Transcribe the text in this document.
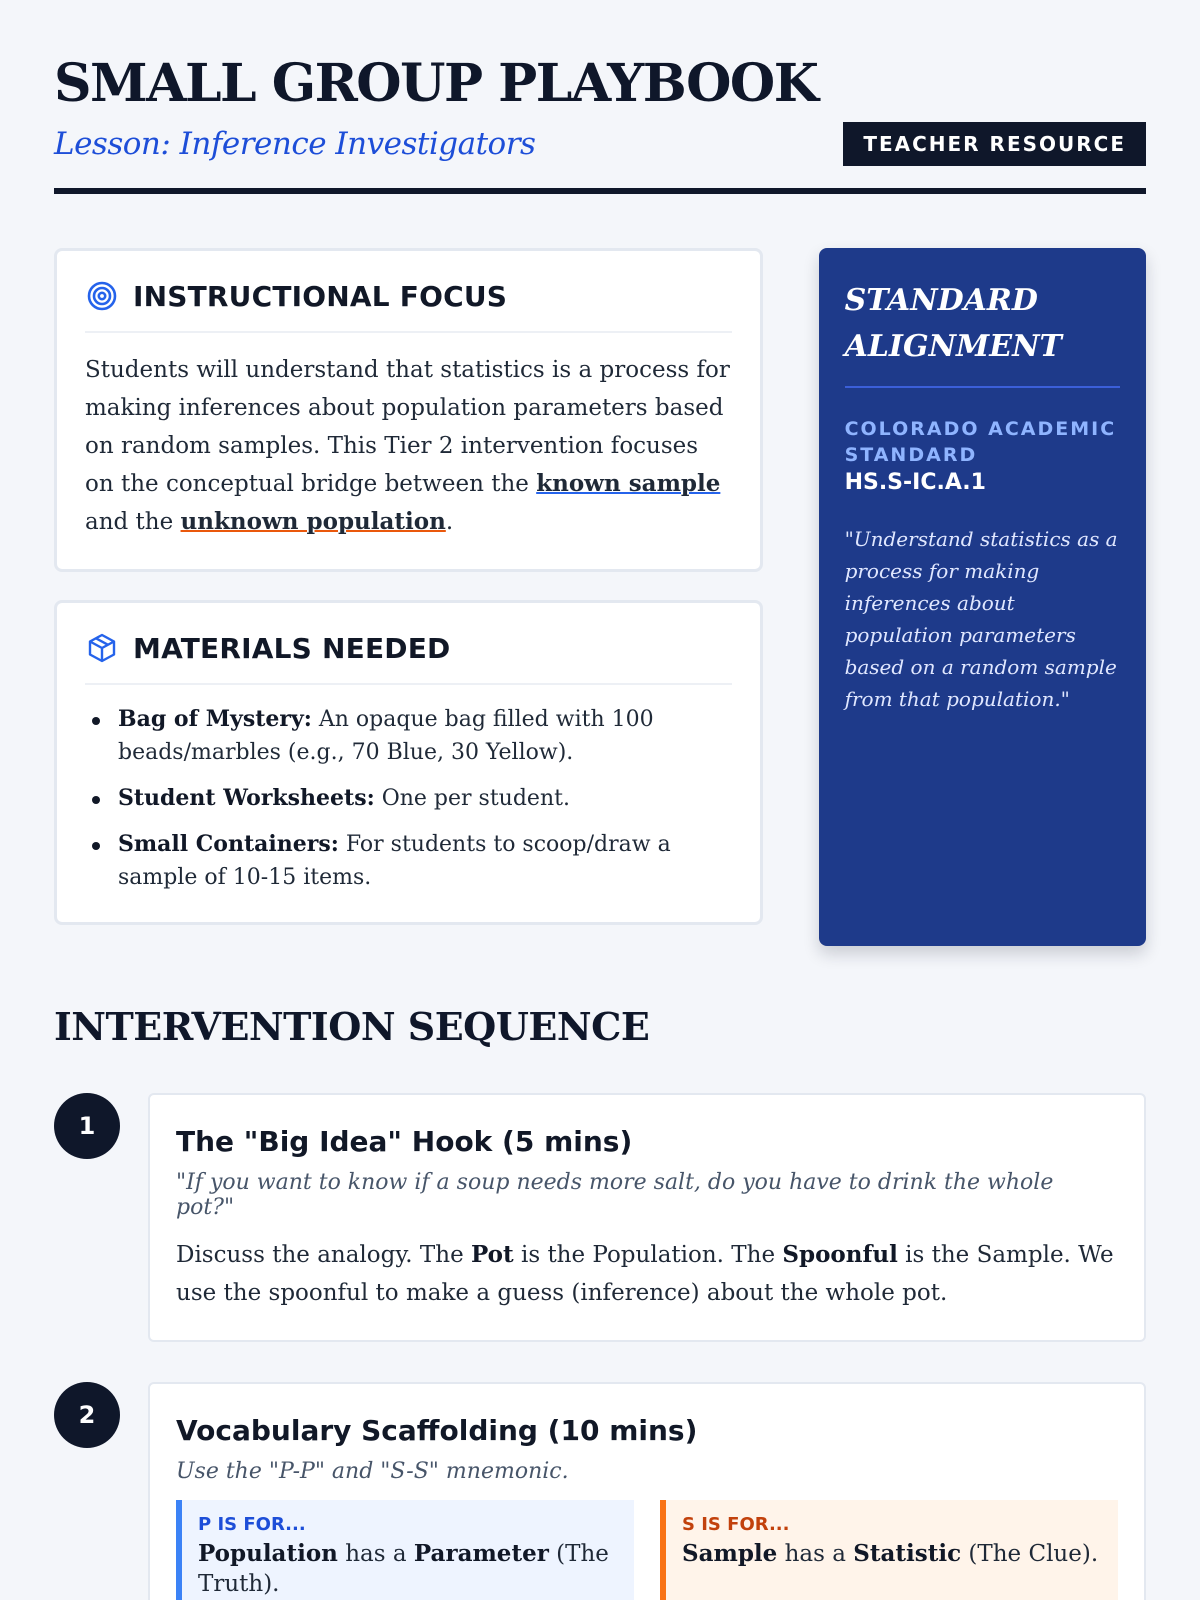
SMALL GROUP PLAYBOOK
Lesson: Inference Investigators	TEACHER RESOURCE
INSTRUCTIONAL FOCUS

Students will understand that statistics is a process for making inferences about population parameters based on random samples. This Tier 2 intervention focuses on the conceptual bridge between the known sample and the unknown population.

MATERIALS NEEDED
Bag of Mystery: An opaque bag filled with 100 beads/marbles (e.g., 70 Blue, 30 Yellow).
Student Worksheets: One per student.
Small Containers: For students to scoop/draw a sample of 10-15 items.
STANDARD ALIGNMENT
COLORADO ACADEMIC STANDARD
HS.S-IC.A.1
"Understand statistics as a process for making inferences about population parameters based on a random sample from that population."
INTERVENTION SEQUENCE
1	The "Big Idea" Hook (5 mins)
"If you want to know if a soup needs more salt, do you have to drink the whole pot?"

Discuss the analogy. The Pot is the Population. The Spoonful is the Sample. We use the spoonful to make a guess (inference) about the whole pot.

2	Vocabulary Scaffolding (10 mins)
Use the "P-P" and "S-S" mnemonic.
P IS FOR...
Population has a Parameter (The Truth).
S IS FOR...
Sample has a Statistic (The Clue).
